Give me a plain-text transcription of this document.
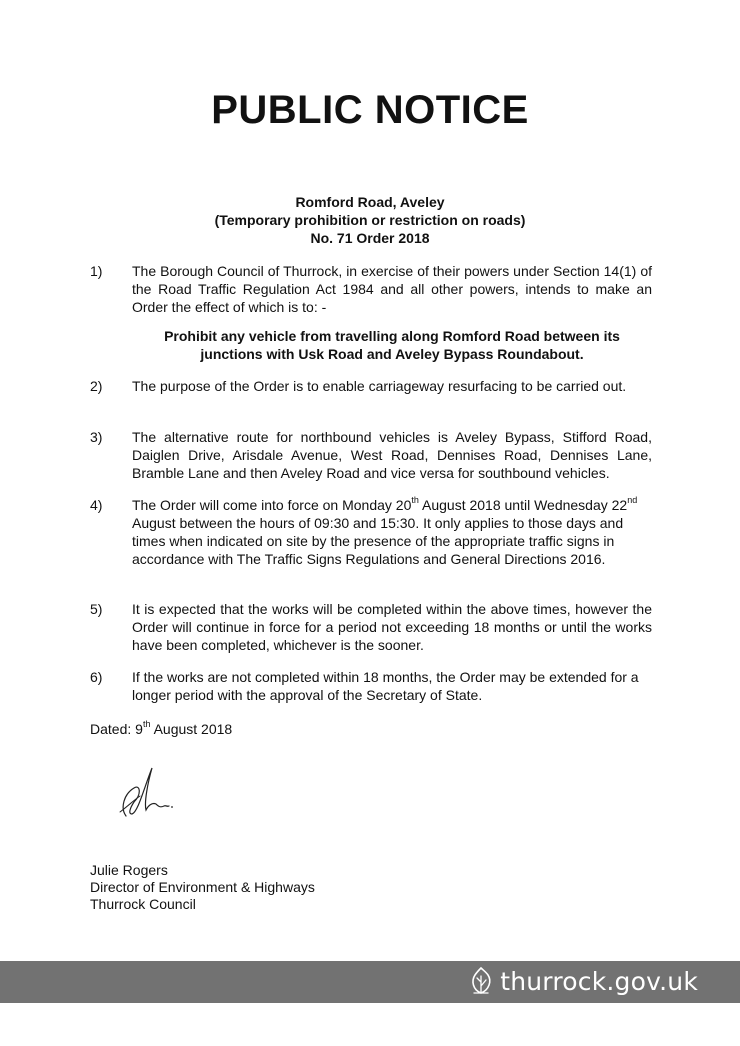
PUBLIC NOTICE
Romford Road, Aveley
(Temporary prohibition or restriction on roads)
No. 71 Order 2018
1)	The Borough Council of Thurrock, in exercise of their powers under Section 14(1) of the Road Traffic Regulation Act 1984 and all other powers, intends to make an Order the effect of which is to: -
Prohibit any vehicle from travelling along Romford Road between its
junctions with Usk Road and Aveley Bypass Roundabout.
2)	The purpose of the Order is to enable carriageway resurfacing to be carried out.
3)	The alternative route for northbound vehicles is Aveley Bypass, Stifford Road, Daiglen Drive, Arisdale Avenue, West Road, Dennises Road, Dennises Lane, Bramble Lane and then Aveley Road and vice versa for southbound vehicles.
4)	The Order will come into force on Monday 20th August 2018 until Wednesday 22nd August between the hours of 09:30 and 15:30. It only applies to those days and times when indicated on site by the presence of the appropriate traffic signs in accordance with The Traffic Signs Regulations and General Directions 2016.
5)	It is expected that the works will be completed within the above times, however the Order will continue in force for a period not exceeding 18 months or until the works have been completed, whichever is the sooner.
6)	If the works are not completed within 18 months, the Order may be extended for a longer period with the approval of the Secretary of State.
Dated: 9th August 2018
Julie Rogers
Director of Environment & Highways
Thurrock Council
thurrock.gov.uk
